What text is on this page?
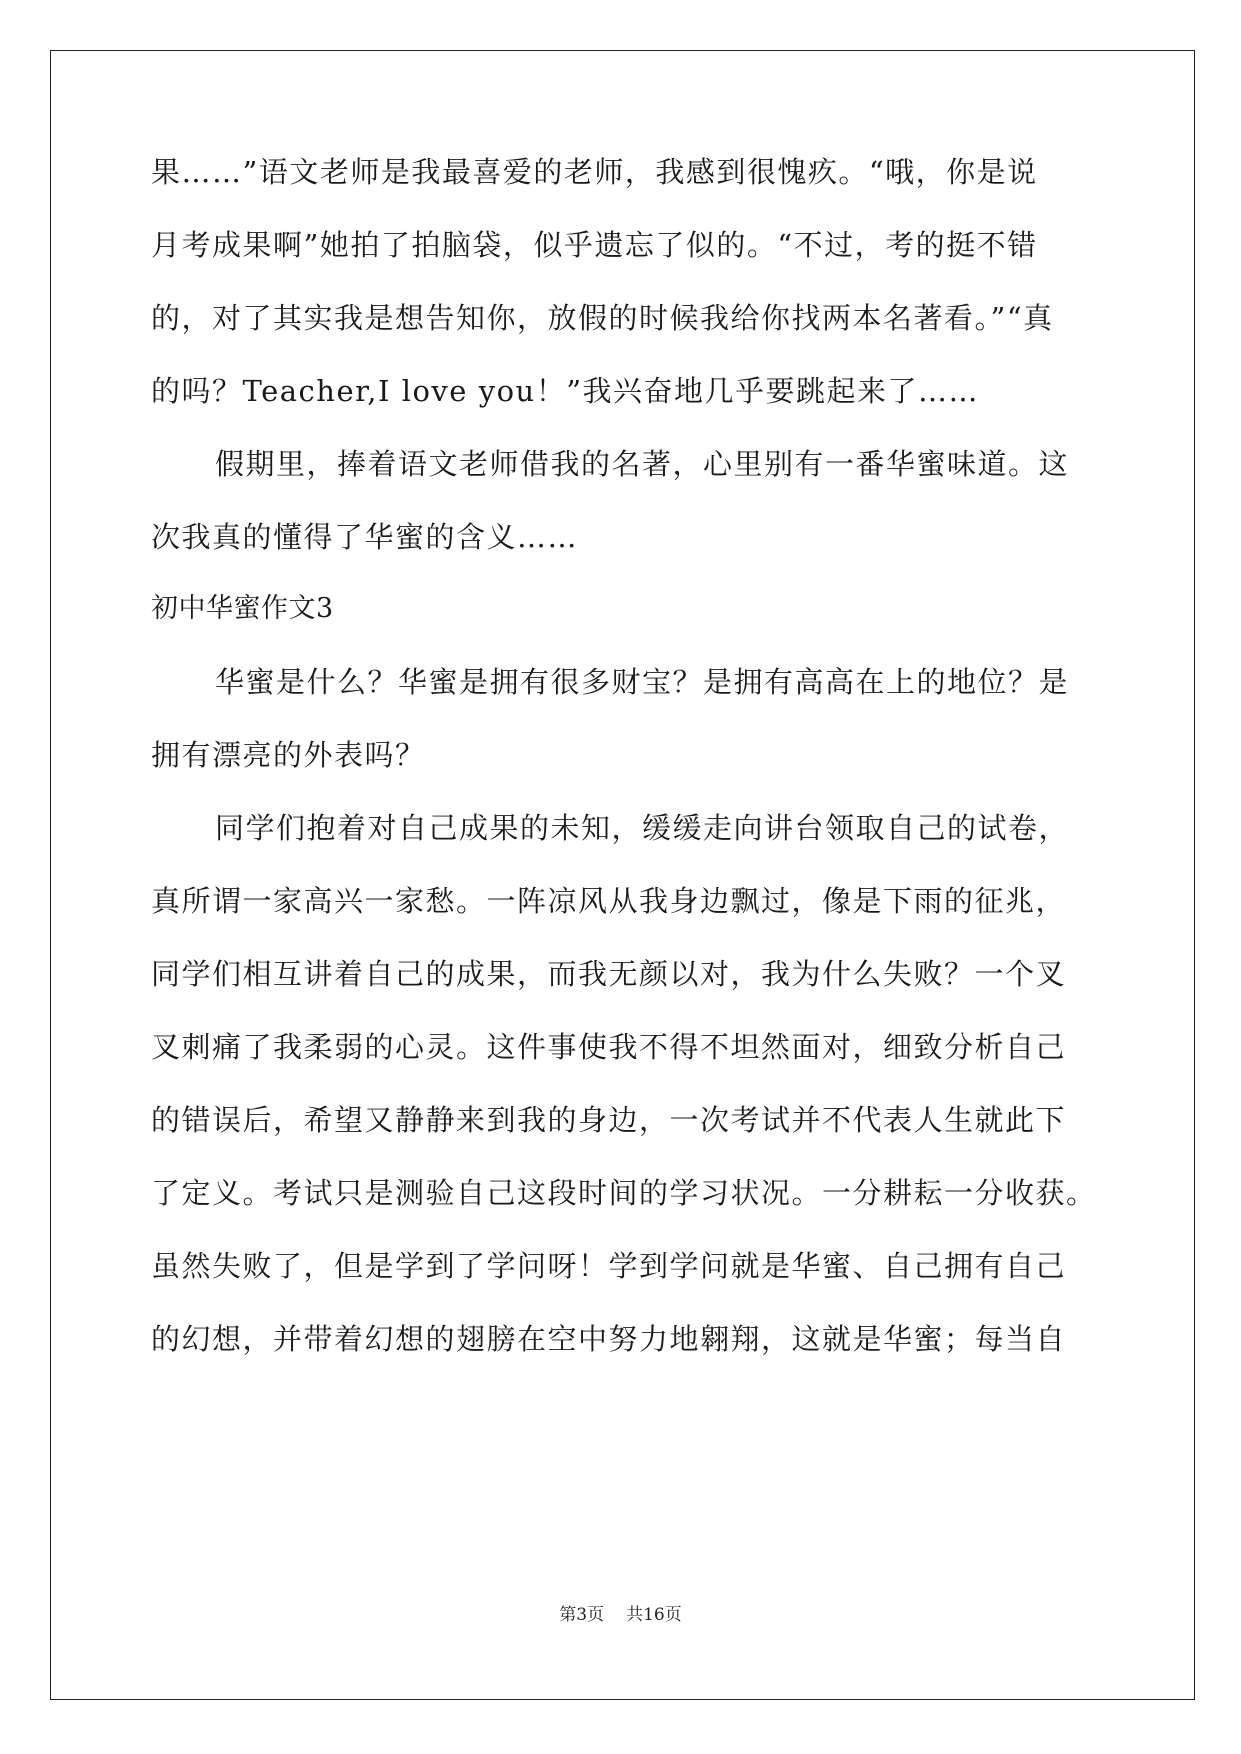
果……”语文老师是我最喜爱的老师，我感到很愧疚。“哦，你是说
月考成果啊”她拍了拍脑袋，似乎遗忘了似的。“不过，考的挺不错
的，对了其实我是想告知你，放假的时候我给你找两本名著看。”“真
的吗？Teacher,I love you！”我兴奋地几乎要跳起来了……
假期里，捧着语文老师借我的名著，心里别有一番华蜜味道。这
次我真的懂得了华蜜的含义……
初中华蜜作文3
华蜜是什么？华蜜是拥有很多财宝？是拥有高高在上的地位？是
拥有漂亮的外表吗？
同学们抱着对自己成果的未知，缓缓走向讲台领取自己的试卷，
真所谓一家高兴一家愁。一阵凉风从我身边飘过，像是下雨的征兆，
同学们相互讲着自己的成果，而我无颜以对，我为什么失败？一个叉
叉刺痛了我柔弱的心灵。这件事使我不得不坦然面对，细致分析自己
的错误后，希望又静静来到我的身边，一次考试并不代表人生就此下
了定义。考试只是测验自己这段时间的学习状况。一分耕耘一分收获。
虽然失败了，但是学到了学问呀！学到学问就是华蜜、自己拥有自己
的幻想，并带着幻想的翅膀在空中努力地翱翔，这就是华蜜；每当自
第3页 共16页
